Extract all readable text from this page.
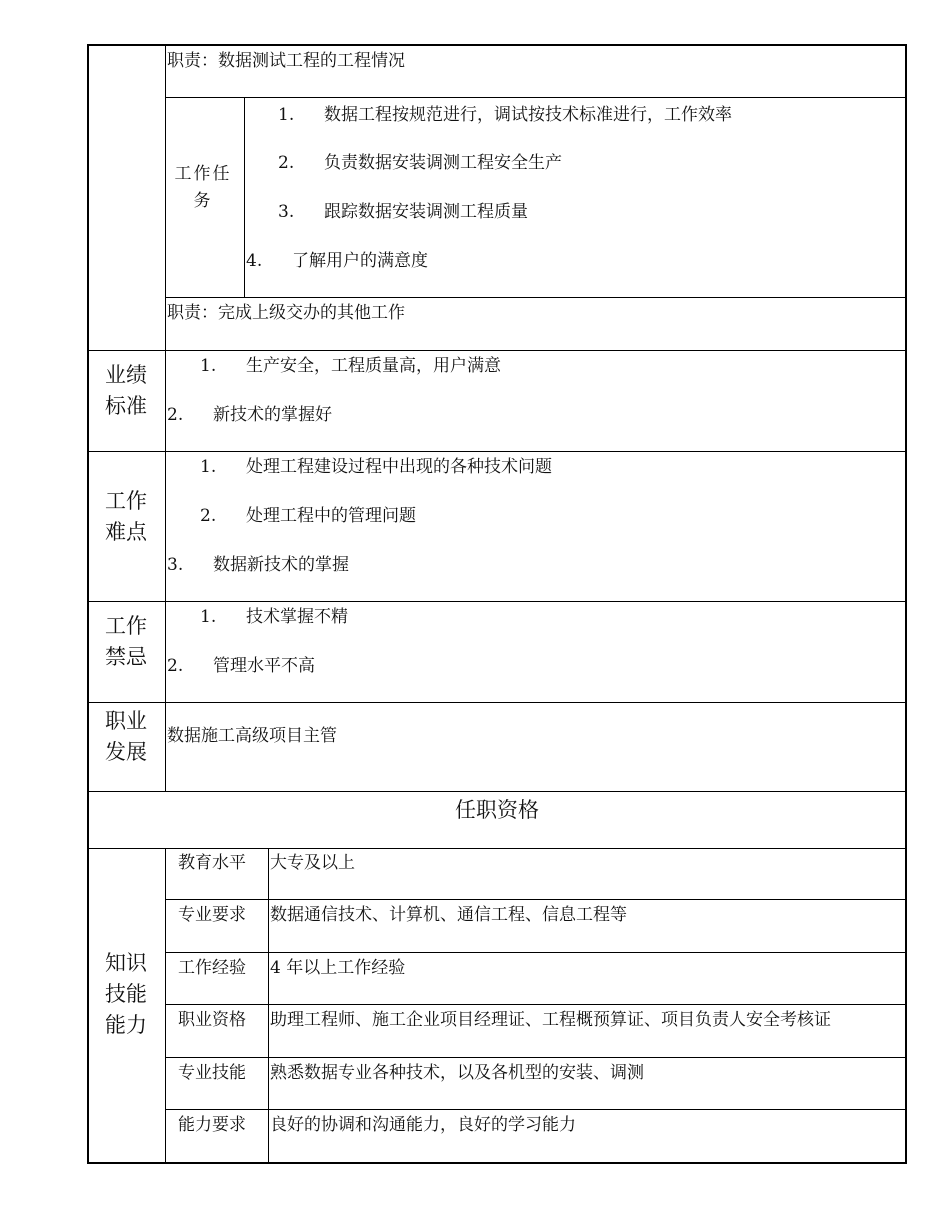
职责：数据测试工程的工程情况
工作任务
1. 数据工程按规范进行，调试按技术标准进行，工作效率
2. 负责数据安装调测工程安全生产
3. 跟踪数据安装调测工程质量
4. 了解用户的满意度
职责：完成上级交办的其他工作
业绩标准
1. 生产安全，工程质量高，用户满意
2. 新技术的掌握好
工作难点
1. 处理工程建设过程中出现的各种技术问题
2. 处理工程中的管理问题
3. 数据新技术的掌握
工作禁忌
1. 技术掌握不精
2. 管理水平不高
职业发展
数据施工高级项目主管
任职资格
知识技能能力
教育水平 大专及以上
专业要求 数据通信技术、计算机、通信工程、信息工程等
工作经验 4 年以上工作经验
职业资格 助理工程师、施工企业项目经理证、工程概预算证、项目负责人安全考核证
专业技能 熟悉数据专业各种技术，以及各机型的安装、调测
能力要求 良好的协调和沟通能力，良好的学习能力
